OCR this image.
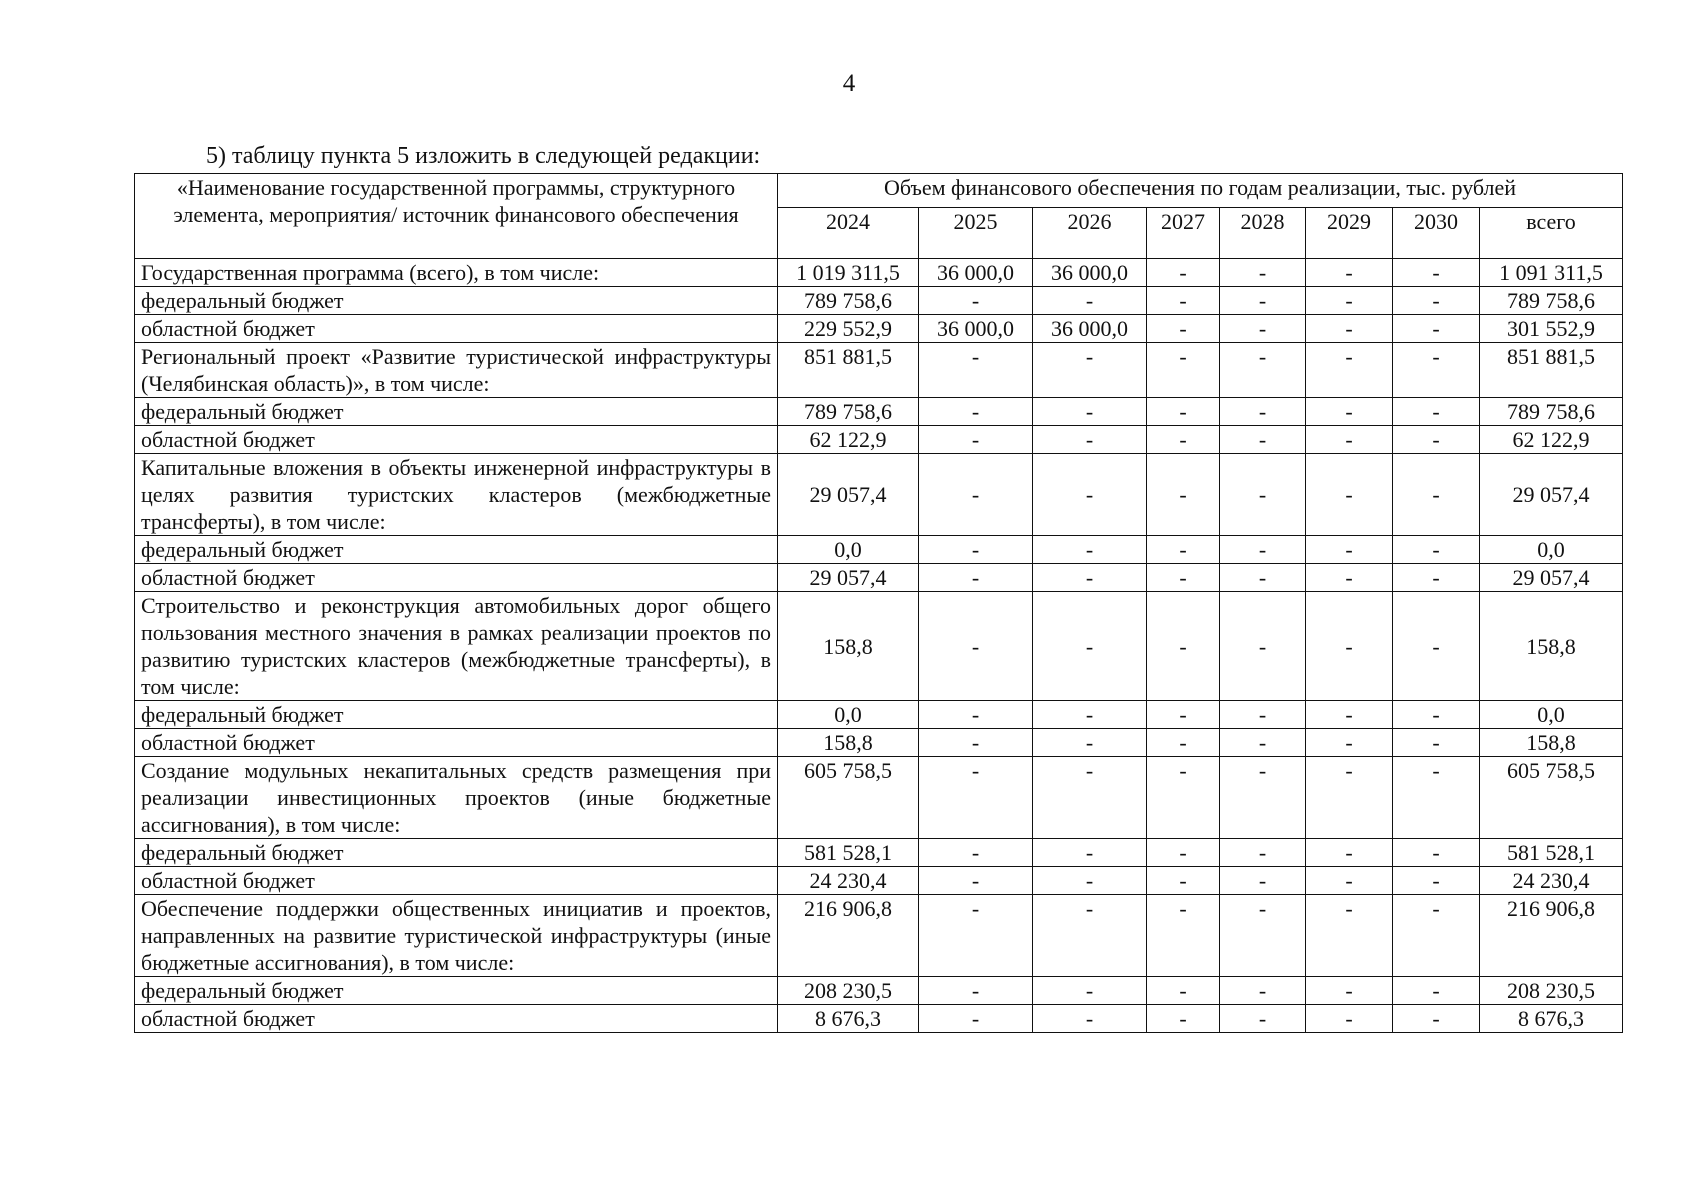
4
5) таблицу пункта 5 изложить в следующей редакции:
«Наименование государственной программы, структурного элемента, мероприятия/ источник финансового обеспечения	Объем финансового обеспечения по годам реализации, тыс. рублей							
	2024	2025	2026	2027	2028	2029	2030	всего
Государственная программа (всего), в том числе:	1 019 311,5	36 000,0	36 000,0	-	-	-	-	1 091 311,5
федеральный бюджет	789 758,6	-	-	-	-	-	-	789 758,6
областной бюджет	229 552,9	36 000,0	36 000,0	-	-	-	-	301 552,9
Региональный проект «Развитие туристической инфраструктуры (Челябинская область)», в том числе:	851 881,5	-	-	-	-	-	-	851 881,5
федеральный бюджет	789 758,6	-	-	-	-	-	-	789 758,6
областной бюджет	62 122,9	-	-	-	-	-	-	62 122,9
Капитальные вложения в объекты инженерной инфраструктуры в целях развития туристских кластеров (межбюджетные трансферты), в том числе:	29 057,4	-	-	-	-	-	-	29 057,4
федеральный бюджет	0,0	-	-	-	-	-	-	0,0
областной бюджет	29 057,4	-	-	-	-	-	-	29 057,4
Строительство и реконструкция автомобильных дорог общего пользования местного значения в рамках реализации проектов по развитию туристских кластеров (межбюджетные трансферты), в том числе:	158,8	-	-	-	-	-	-	158,8
федеральный бюджет	0,0	-	-	-	-	-	-	0,0
областной бюджет	158,8	-	-	-	-	-	-	158,8
Создание модульных некапитальных средств размещения при реализации инвестиционных проектов (иные бюджетные ассигнования), в том числе:	605 758,5	-	-	-	-	-	-	605 758,5
федеральный бюджет	581 528,1	-	-	-	-	-	-	581 528,1
областной бюджет	24 230,4	-	-	-	-	-	-	24 230,4
Обеспечение поддержки общественных инициатив и проектов, направленных на развитие туристической инфраструктуры (иные бюджетные ассигнования), в том числе:	216 906,8	-	-	-	-	-	-	216 906,8
федеральный бюджет	208 230,5	-	-	-	-	-	-	208 230,5
областной бюджет	8 676,3	-	-	-	-	-	-	8 676,3
